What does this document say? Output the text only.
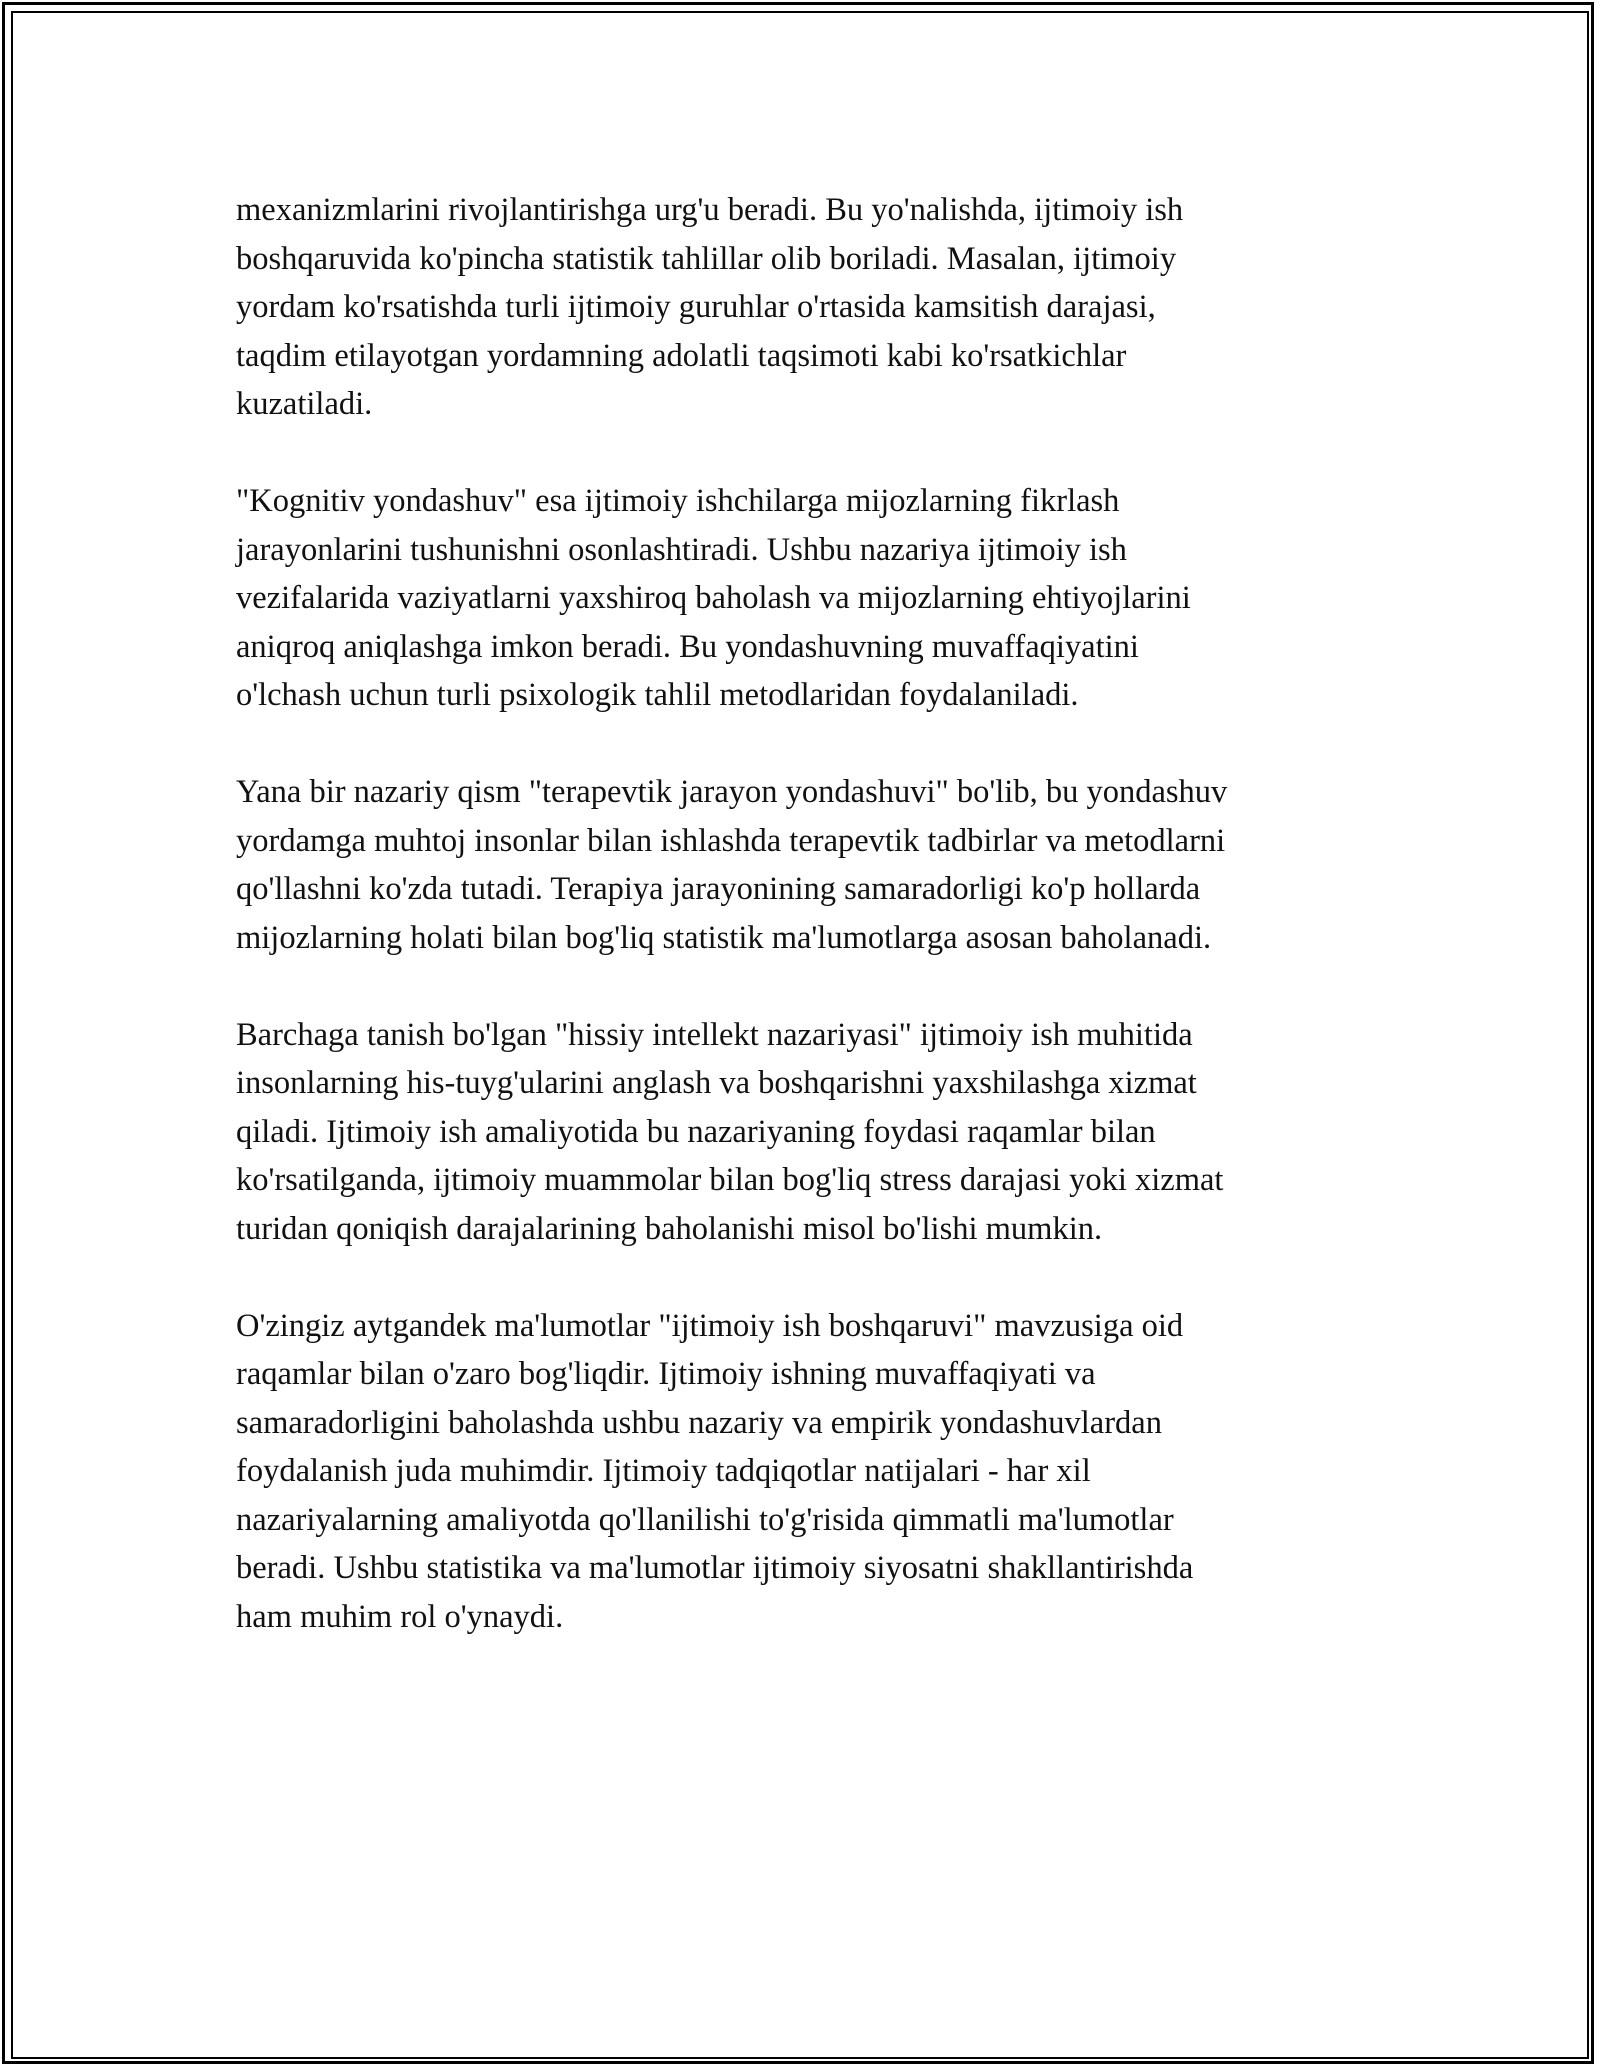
mexanizmlarini rivojlantirishga urg'u beradi. Bu yo'nalishda, ijtimoiy ish
boshqaruvida ko'pincha statistik tahlillar olib boriladi. Masalan, ijtimoiy
yordam ko'rsatishda turli ijtimoiy guruhlar o'rtasida kamsitish darajasi,
taqdim etilayotgan yordamning adolatli taqsimoti kabi ko'rsatkichlar
kuzatiladi.

"Kognitiv yondashuv" esa ijtimoiy ishchilarga mijozlarning fikrlash
jarayonlarini tushunishni osonlashtiradi. Ushbu nazariya ijtimoiy ish
vezifalarida vaziyatlarni yaxshiroq baholash va mijozlarning ehtiyojlarini
aniqroq aniqlashga imkon beradi. Bu yondashuvning muvaffaqiyatini
o'lchash uchun turli psixologik tahlil metodlaridan foydalaniladi.

Yana bir nazariy qism "terapevtik jarayon yondashuvi" bo'lib, bu yondashuv
yordamga muhtoj insonlar bilan ishlashda terapevtik tadbirlar va metodlarni
qo'llashni ko'zda tutadi. Terapiya jarayonining samaradorligi ko'p hollarda
mijozlarning holati bilan bog'liq statistik ma'lumotlarga asosan baholanadi.

Barchaga tanish bo'lgan "hissiy intellekt nazariyasi" ijtimoiy ish muhitida
insonlarning his-tuyg'ularini anglash va boshqarishni yaxshilashga xizmat
qiladi. Ijtimoiy ish amaliyotida bu nazariyaning foydasi raqamlar bilan
ko'rsatilganda, ijtimoiy muammolar bilan bog'liq stress darajasi yoki xizmat
turidan qoniqish darajalarining baholanishi misol bo'lishi mumkin.

O'zingiz aytgandek ma'lumotlar "ijtimoiy ish boshqaruvi" mavzusiga oid
raqamlar bilan o'zaro bog'liqdir. Ijtimoiy ishning muvaffaqiyati va
samaradorligini baholashda ushbu nazariy va empirik yondashuvlardan
foydalanish juda muhimdir. Ijtimoiy tadqiqotlar natijalari - har xil
nazariyalarning amaliyotda qo'llanilishi to'g'risida qimmatli ma'lumotlar
beradi. Ushbu statistika va ma'lumotlar ijtimoiy siyosatni shakllantirishda
ham muhim rol o'ynaydi.
